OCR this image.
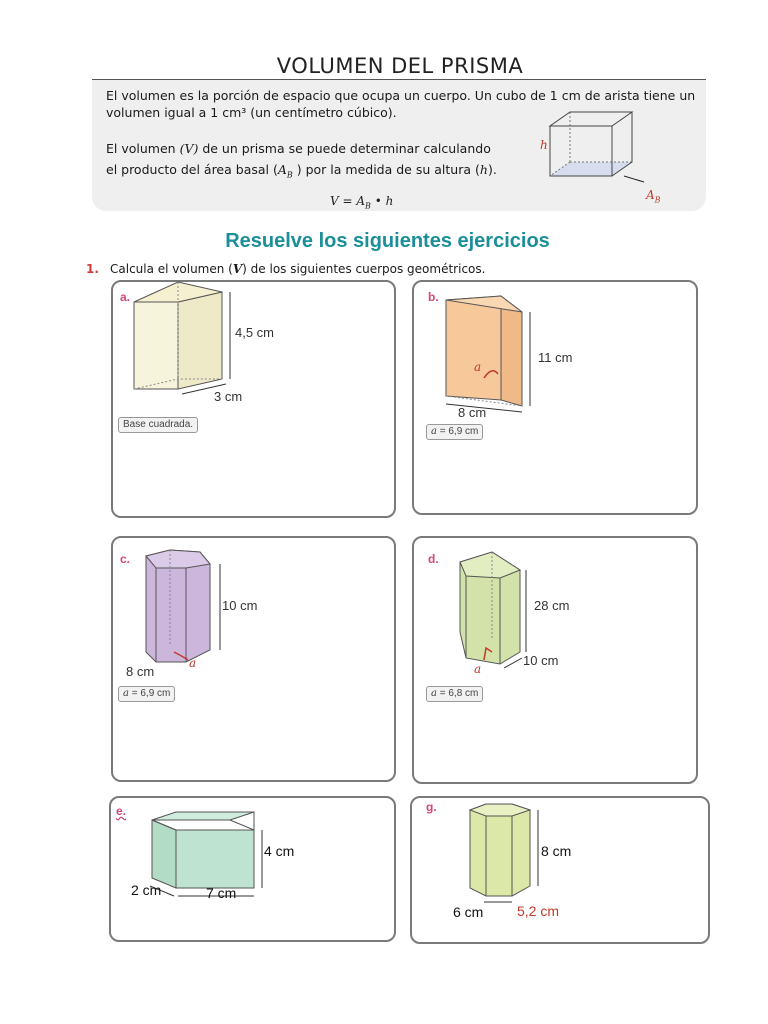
VOLUMEN DEL PRISMA
El volumen es la porción de espacio que ocupa un cuerpo. Un cubo de 1 cm de arista tiene un
volumen igual a 1 cm³ (un centímetro cúbico).
El volumen (V) de un prisma se puede determinar calculando
el producto del área basal ($A_B$ ) por la medida de su altura (h).
$V = A_B$ • h
h
$A_B$
Resuelve los siguientes ejercicios
1. Calcula el volumen (V) de los siguientes cuerpos geométricos.
a.
4,5 cm
3 cm
Base cuadrada.
b.
11 cm
8 cm
a
a = 6,9 cm
c.
10 cm
8 cm
a
a = 6,9 cm
d.
28 cm
10 cm
a
a = 6,8 cm
e.
4 cm
2 cm	7 cm
g.
8 cm
6 cm 5,2 cm
